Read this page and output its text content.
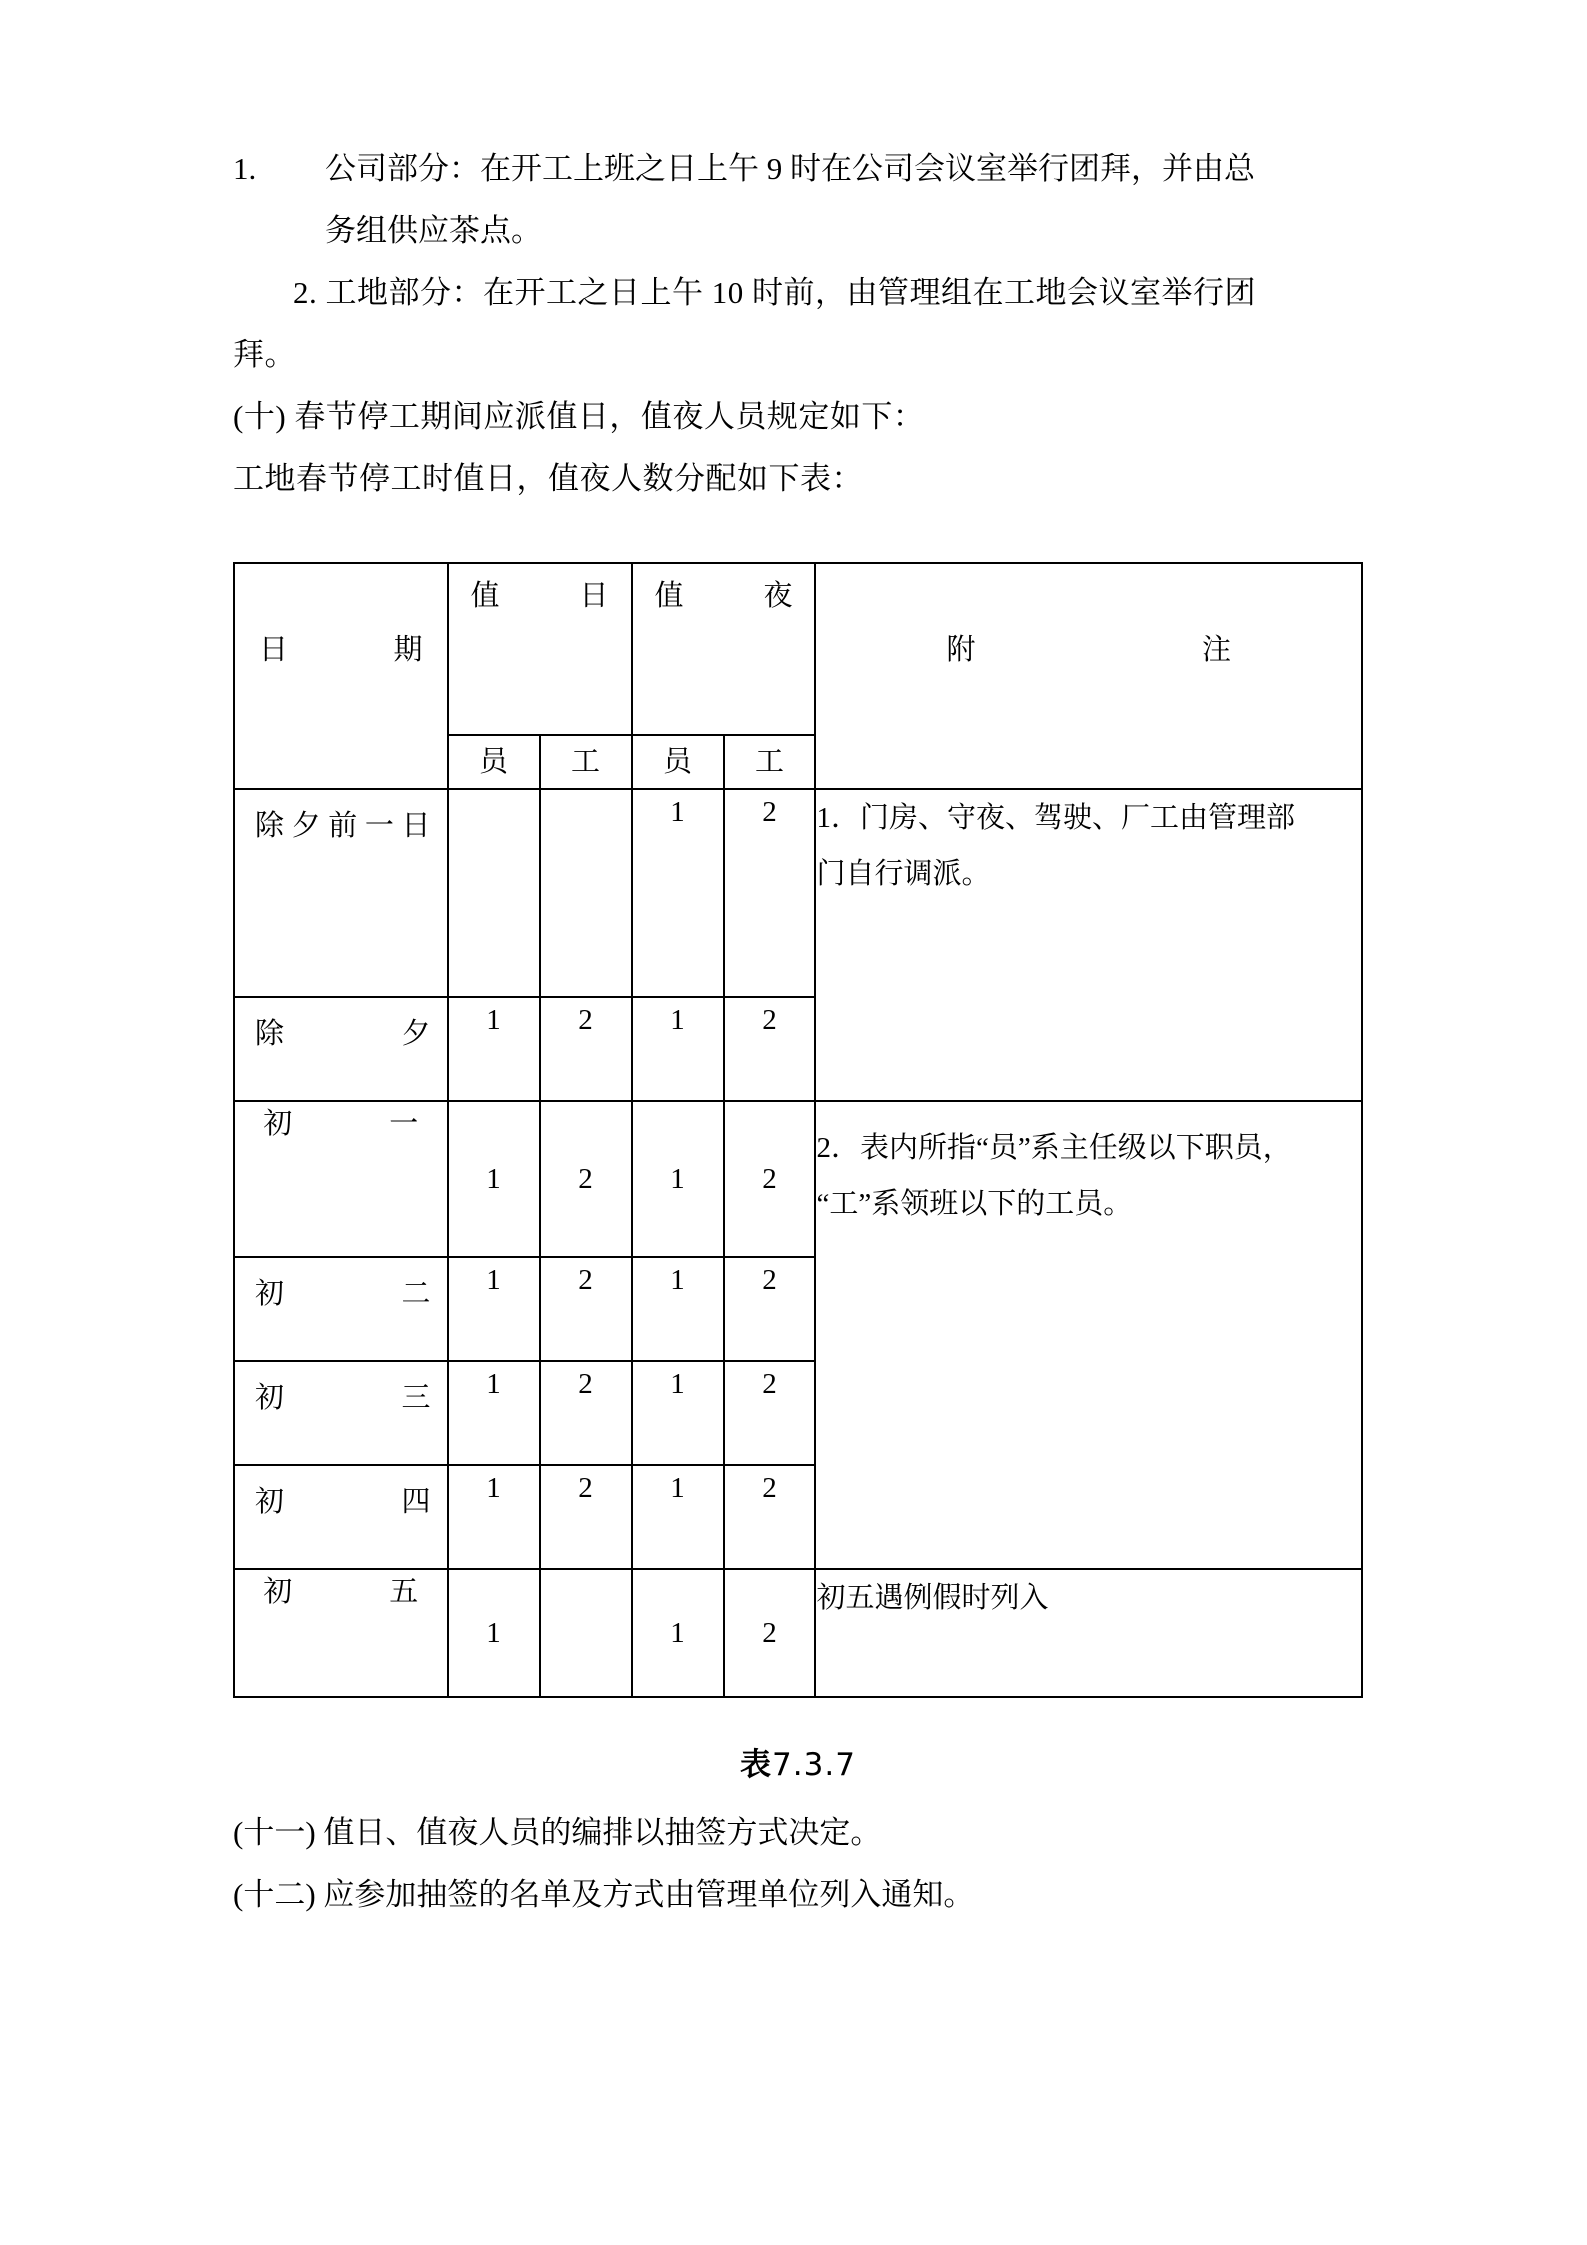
1.	公司部分：在开工上班之日上午 9 时在公司会议室举行团拜，并由总
务组供应茶点。
2. 工地部分：在开工之日上午 10 时前，由管理组在工地会议室举行团
拜。
(十) 春节停工期间应派值日，值夜人员规定如下：
工地春节停工时值日，值夜人数分配如下表：
日 期	值 日		值 夜		附 注

	员	工	员	工	

除夕前一日			1	2	1．门房、守夜、驾驶、厂工由管理部
门自行调派。

除 夕	1	2	1	2	

初 一	1	2	1	2	2．表内所指“员”系主任级以下职员，
“工”系领班以下的工员。

初 二	1	2	1	2	

初 三	1	2	1	2	

初 四	1	2	1	2	

初 五	1		1	2	初五遇例假时列入
表7.3.7
(十一) 值日、值夜人员的编排以抽签方式决定。
(十二) 应参加抽签的名单及方式由管理单位列入通知。
